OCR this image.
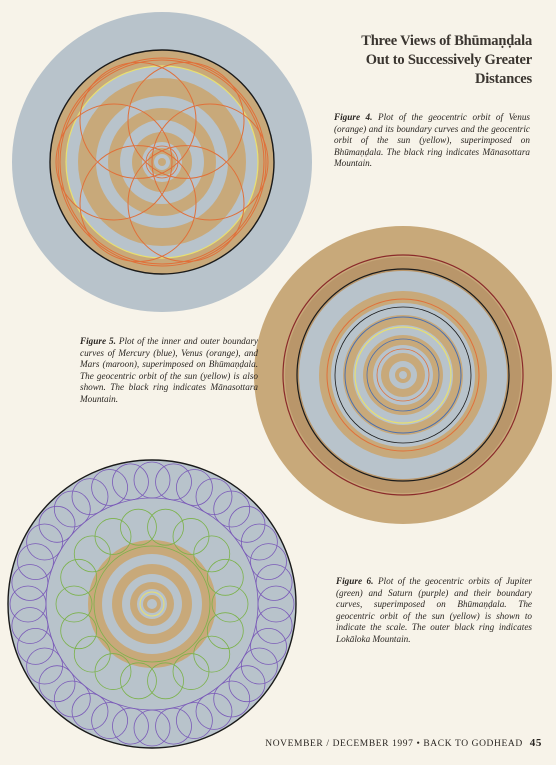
Three Views of Bhūmaṇḍala
Out to Successively Greater Distances
Figure 4. Plot of the geocentric orbit of Venus (orange) and its boundary curves and the geocentric orbit of the sun (yellow), superimposed on Bhūmaṇḍala. The black ring indicates Mānasottara Mountain.
Figure 5. Plot of the inner and outer boundary curves of Mercury (blue), Venus (orange), and Mars (maroon), superimposed on Bhūmaṇḍala. The geocentric orbit of the sun (yellow) is also shown. The black ring indicates Mānasottara Mountain.
Figure 6. Plot of the geocentric orbits of Jupiter (green) and Saturn (purple) and their boundary curves, superimposed on Bhūmaṇḍala. The geocentric orbit of the sun (yellow) is shown to indicate the scale. The outer black ring indicates Lokāloka Mountain.
NOVEMBER / DECEMBER 1997 • BACK TO GODHEAD 45
